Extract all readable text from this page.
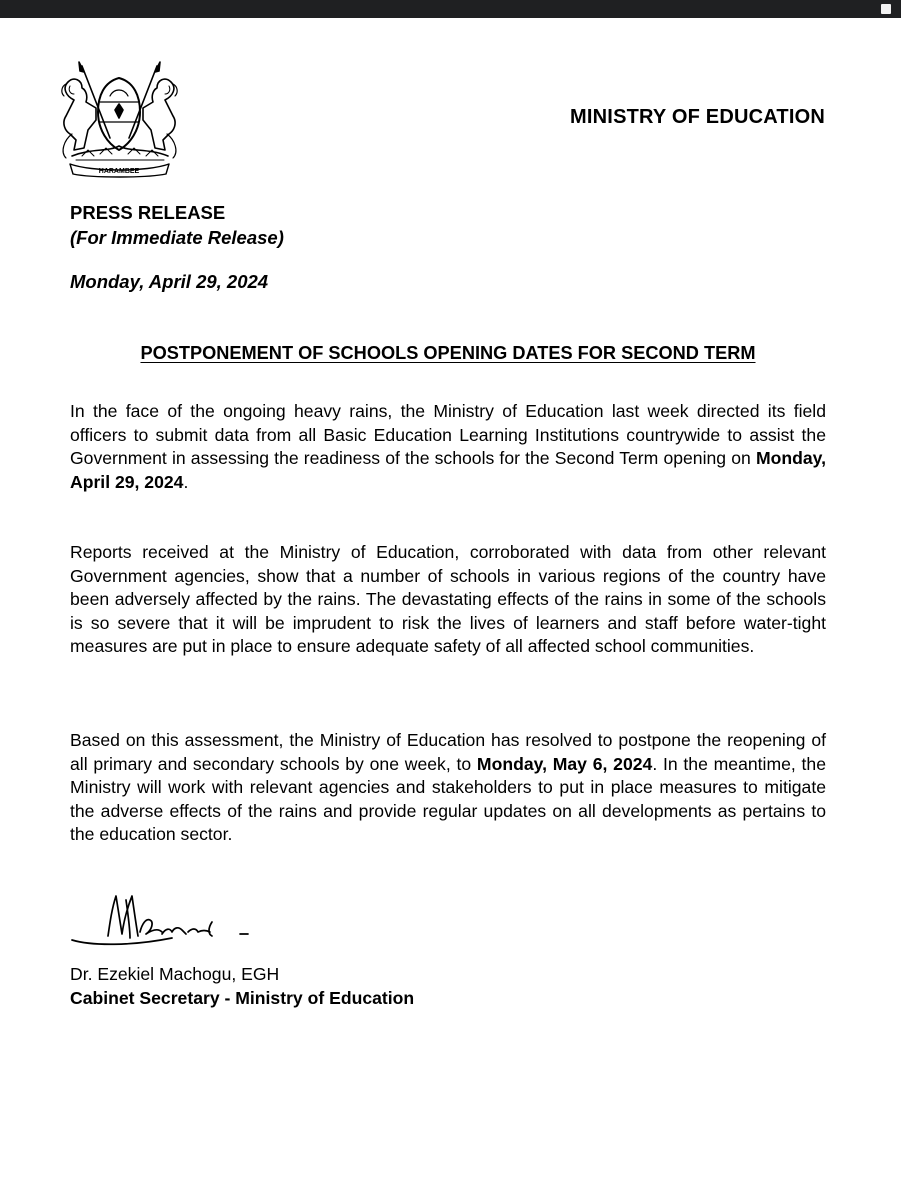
HARAMBEE
MINISTRY OF EDUCATION
PRESS RELEASE
(For Immediate Release)
Monday, April 29, 2024
POSTPONEMENT OF SCHOOLS OPENING DATES FOR SECOND TERM

In the face of the ongoing heavy rains, the Ministry of Education last week directed its field officers to submit data from all Basic Education Learning Institutions countrywide to assist the Government in assessing the readiness of the schools for the Second Term opening on Monday, April 29, 2024.

Reports received at the Ministry of Education, corroborated with data from other relevant Government agencies, show that a number of schools in various regions of the country have been adversely affected by the rains. The devastating effects of the rains in some of the schools is so severe that it will be imprudent to risk the lives of learners and staff before water-tight measures are put in place to ensure adequate safety of all affected school communities.

Based on this assessment, the Ministry of Education has resolved to postpone the reopening of all primary and secondary schools by one week, to Monday, May 6, 2024. In the meantime, the Ministry will work with relevant agencies and stakeholders to put in place measures to mitigate the adverse effects of the rains and provide regular updates on all developments as pertains to the education sector.

Dr. Ezekiel Machogu, EGH
Cabinet Secretary - Ministry of Education
